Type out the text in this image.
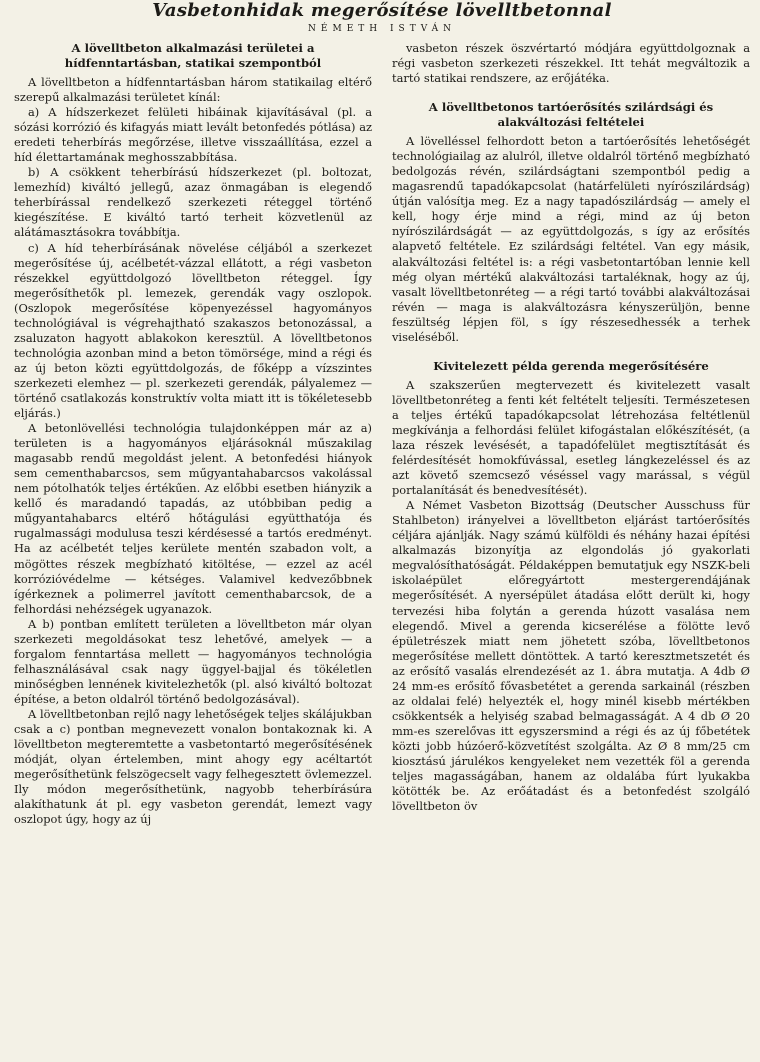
Vasbetonhidak megerősítése lövelltbetonnal
NÉMETH ISTVÁN
A lövelltbeton alkalmazási területei a hídfenntartásban, statikai szempontból

A lövelltbeton a hídfenntartásban három statikailag eltérő szerepű alkalmazási területet kínál:

a) A hídszerkezet felületi hibáinak kijavításával (pl. a sózási korrózió és kifagyás miatt levált betonfedés pótlása) az eredeti teherbírás megőrzése, illetve visszaállítása, ezzel a híd élettartamának meghosszabbítása.

b) A csökkent teherbírású hídszerkezet (pl. boltozat, lemezhíd) kiváltó jellegű, azaz önmagában is elegendő teherbírással rendelkező szerkezeti réteggel történő kiegészítése. E kiváltó tartó terheit közvetlenül az alátámasztásokra továbbítja.

c) A híd teherbírásának növelése céljából a szerkezet megerősítése új, acélbetét-vázzal ellátott, a régi vasbeton részekkel együttdolgozó lövelltbeton réteggel. Így megerősíthetők pl. lemezek, gerendák vagy oszlopok. (Oszlopok megerősítése köpenyezéssel hagyományos technológiával is végrehajtható szakaszos betonozással, a zsaluzaton hagyott ablakokon keresztül. A lövelltbetonos technológia azonban mind a beton tömörsége, mind a régi és az új beton közti együttdolgozás, de főképp a vízszintes szerkezeti elemhez — pl. szerkezeti gerendák, pályalemez — történő csatlakozás konstruktív volta miatt itt is tökéletesebb eljárás.)

A betonlövellési technológia tulajdonképpen már az a) területen is a hagyományos eljárásoknál műszakilag magasabb rendű megoldást jelent. A betonfedési hiányok sem cementhabarcsos, sem műgyantahabarcsos vakolással nem pótolhatók teljes értékűen. Az előbbi esetben hiányzik a kellő és maradandó tapadás, az utóbbiban pedig a műgyantahabarcs eltérő hőtágulási együtthatója és rugalmassági modulusa teszi kérdésessé a tartós eredményt. Ha az acélbetét teljes kerülete mentén szabadon volt, a mögöttes részek megbízható kitöltése, — ezzel az acél korrózióvédelme — kétséges. Valamivel kedvezőbbnek ígérkeznek a polimerrel javított cementhabarcsok, de a felhordási nehézségek ugyanazok.

A b) pontban említett területen a lövelltbeton már olyan szerkezeti megoldásokat tesz lehetővé, amelyek — a forgalom fenntartása mellett — hagyományos technológia felhasználásával csak nagy üggyel-bajjal és tökéletlen minőségben lennének kivitelezhetők (pl. alsó kiváltó boltozat építése, a beton oldalról történő bedolgozásával).

A lövelltbetonban rejlő nagy lehetőségek teljes skálájukban csak a c) pontban megnevezett vonalon bontakoznak ki. A lövelltbeton megteremtette a vasbetontartó megerősítésének módját, olyan értelemben, mint ahogy egy acéltartót megerősíthetünk felszögecselt vagy felhegesztett övlemezzel. Ily módon megerősíthetünk, nagyobb teherbírásúra alakíthatunk át pl. egy vasbeton gerendát, lemezt vagy oszlopot úgy, hogy az új

vasbeton részek öszvértartó módjára együttdolgoznak a régi vasbeton szerkezeti részekkel. Itt tehát megváltozik a tartó statikai rendszere, az erőjátéka.

A lövelltbetonos tartóerősítés szilárdsági és alakváltozási feltételei

A lövelléssel felhordott beton a tartóerősítés lehetőségét technológiailag az alulról, illetve oldalról történő megbízható bedolgozás révén, szilárdságtani szempontból pedig a magasrendű tapadókapcsolat (határfelületi nyírószilárdság) útján valósítja meg. Ez a nagy tapadószilárdság — amely el kell, hogy érje mind a régi, mind az új beton nyírószilárdságát — az együttdolgozás, s így az erősítés alapvető feltétele. Ez szilárdsági feltétel. Van egy másik, alakváltozási feltétel is: a régi vasbetontartóban lennie kell még olyan mértékű alakváltozási tartaléknak, hogy az új, vasalt lövelltbetonréteg — a régi tartó további alakváltozásai révén — maga is alakváltozásra kényszerüljön, benne feszültség lépjen föl, s így részesedhessék a terhek viseléséből.

Kivitelezett példa gerenda megerősítésére

A szakszerűen megtervezett és kivitelezett vasalt lövelltbetonréteg a fenti két feltételt teljesíti. Természetesen a teljes értékű tapadókapcsolat létrehozása feltétlenül megkívánja a felhordási felület kifogástalan előkészítését, (a laza részek levésését, a tapadófelület megtisztítását és felérdesítését homokfúvással, esetleg lángkezeléssel és az azt követő szemcsező véséssel vagy marással, s végül portalanítását és benedvesítését).

A Német Vasbeton Bizottság (Deutscher Ausschuss für Stahlbeton) irányelvei a lövelltbeton eljárást tartóerősítés céljára ajánlják. Nagy számú külföldi és néhány hazai építési alkalmazás bizonyítja az elgondolás jó gyakorlati megvalósíthatóságát. Példaképpen bemutatjuk egy NSZK-beli iskolaépület előregyártott mestergerendájának megerősítését. A nyersépület átadása előtt derült ki, hogy tervezési hiba folytán a gerenda húzott vasalása nem elegendő. Mivel a gerenda kicserélése a fölötte levő épületrészek miatt nem jöhetett szóba, lövelltbetonos megerősítése mellett döntöttek. A tartó keresztmetszetét és az erősítő vasalás elrendezését az 1. ábra mutatja. A 4db Ø 24 mm-es erősítő fővasbetétet a gerenda sarkainál (részben az oldalai felé) helyezték el, hogy minél kisebb mértékben csökkentsék a helyiség szabad belmagasságát. A 4 db Ø 20 mm-es szerelővas itt egyszersmind a régi és az új főbetétek közti jobb húzóerő-közvetítést szolgálta. Az Ø 8 mm/25 cm kiosztású járulékos kengyeleket nem vezették föl a gerenda teljes magasságában, hanem az oldalába fúrt lyukakba kötötték be. Az erőátadást és a betonfedést szolgáló lövelltbeton öv
